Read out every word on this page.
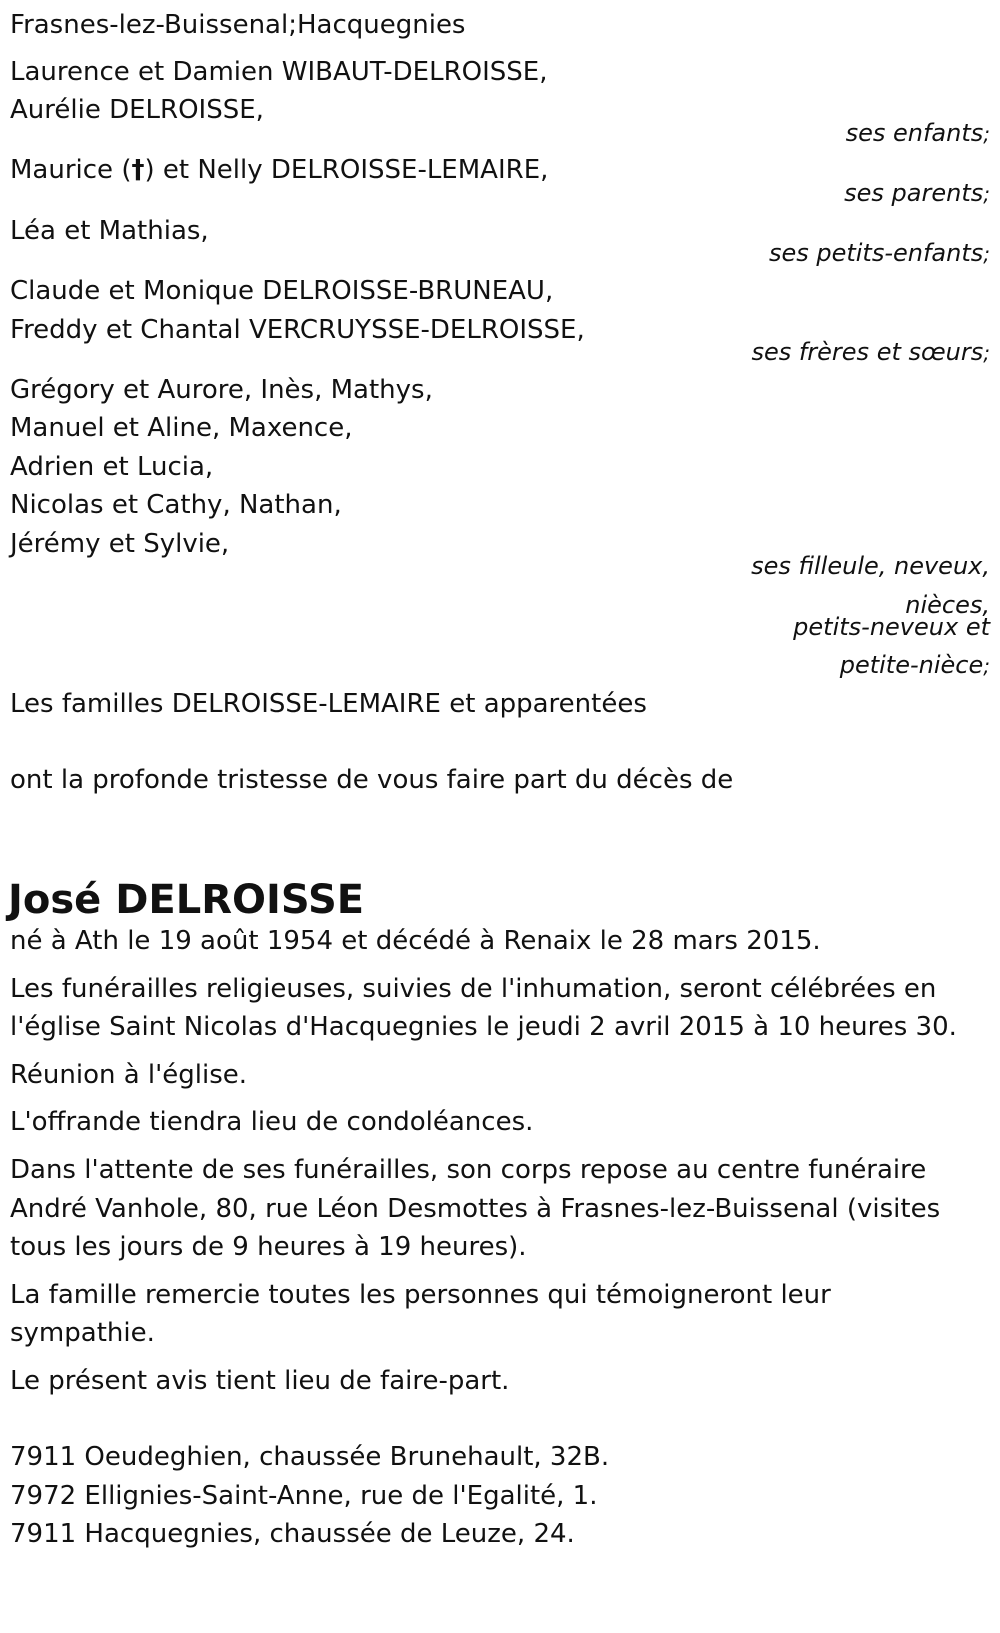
Frasnes-lez-Buissenal;Hacquegnies

Laurence et Damien WIBAUT-DELROISSE,

Aurélie DELROISSE,

ses enfants;

Maurice (†) et Nelly DELROISSE-LEMAIRE,

ses parents;

Léa et Mathias,

ses petits-enfants;

Claude et Monique DELROISSE-BRUNEAU,

Freddy et Chantal VERCRUYSSE-DELROISSE,

ses frères et sœurs;

Grégory et Aurore, Inès, Mathys,

Manuel et Aline, Maxence,

Adrien et Lucia,

Nicolas et Cathy, Nathan,

Jérémy et Sylvie,

ses filleule, neveux,

nièces,

petits-neveux et

petite-nièce;

Les familles DELROISSE-LEMAIRE et apparentées

ont la profonde tristesse de vous faire part du décès de

José DELROISSE

né à Ath le 19 août 1954 et décédé à Renaix le 28 mars 2015.

Les funérailles religieuses, suivies de l'inhumation, seront célébrées en

l'église Saint Nicolas d'Hacquegnies le jeudi 2 avril 2015 à 10 heures 30.

Réunion à l'église.

L'offrande tiendra lieu de condoléances.

Dans l'attente de ses funérailles, son corps repose au centre funéraire

André Vanhole, 80, rue Léon Desmottes à Frasnes-lez-Buissenal (visites

tous les jours de 9 heures à 19 heures).

La famille remercie toutes les personnes qui témoigneront leur

sympathie.

Le présent avis tient lieu de faire-part.

7911 Oeudeghien, chaussée Brunehault, 32B.

7972 Ellignies-Saint-Anne, rue de l'Egalité, 1.

7911 Hacquegnies, chaussée de Leuze, 24.
